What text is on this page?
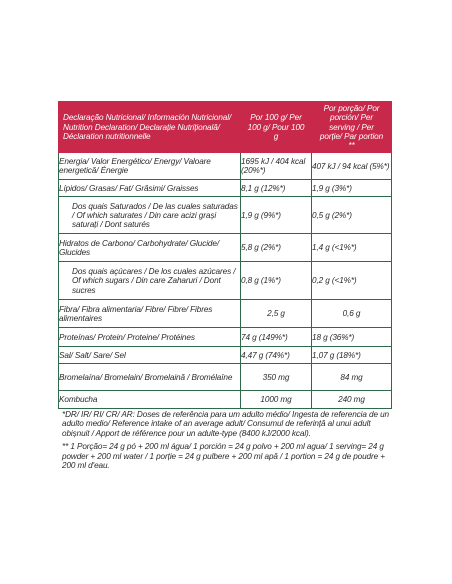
Declaração Nutricional/ Información Nutricional/ Nutrition Declaration/ Declarație Nutrițională/ Déclaration nutritionnelle	Por 100 g/ Per 100 g/ Pour 100 g	Por porção/ Por porción/ Per serving / Per porție/ Par portion **
Energia/ Valor Energético/ Energy/ Valoare energetică/ Énergie	1695 kJ / 404 kcal (20%*)	407 kJ / 94 kcal (5%*)
Lípidos/ Grasas/ Fat/ Grăsimi/ Graisses	8,1 g (12%*)	1,9 g (3%*)
Dos quais Saturados / De las cuales saturadas / Of which saturates / Din care acizi grași saturați / Dont saturés	1,9 g (9%*)	0,5 g (2%*)
Hidratos de Carbono/ Carbohydrate/ Glucide/ Glucides	5,8 g (2%*)	1,4 g (<1%*)
Dos quais açúcares / De los cuales azúcares / Of which sugars / Din care Zaharuri / Dont sucres	0,8 g (1%*)	0,2 g (<1%*)
Fibra/ Fibra alimentaria/ Fibre/ Fibre/ Fibres alimentaires	2,5 g	0,6 g
Proteínas/ Protein/ Proteine/ Protéines	74 g (149%*)	18 g (36%*)
Sal/ Salt/ Sare/ Sel	4,47 g (74%*)	1,07 g (18%*)
Bromelaína/ Bromelain/ Bromelaină / Bromélaïne	350 mg	84 mg
Kombucha	1000 mg	240 mg

*DR/ IR/ RI/ CR/ AR: Doses de referência para um adulto médio/ Ingesta de referencia de un adulto medio/ Reference intake of an average adult/ Consumul de referință al unui adult obișnuit / Apport de référence pour un adulte-type (8400 kJ/2000 kcal).

** 1 Porção= 24 g pó + 200 ml água/ 1 porción = 24 g polvo + 200 ml agua/ 1 serving= 24 g powder + 200 ml water / 1 porție = 24 g pulbere + 200 ml apă / 1 portion = 24 g de poudre + 200 ml d'eau.
